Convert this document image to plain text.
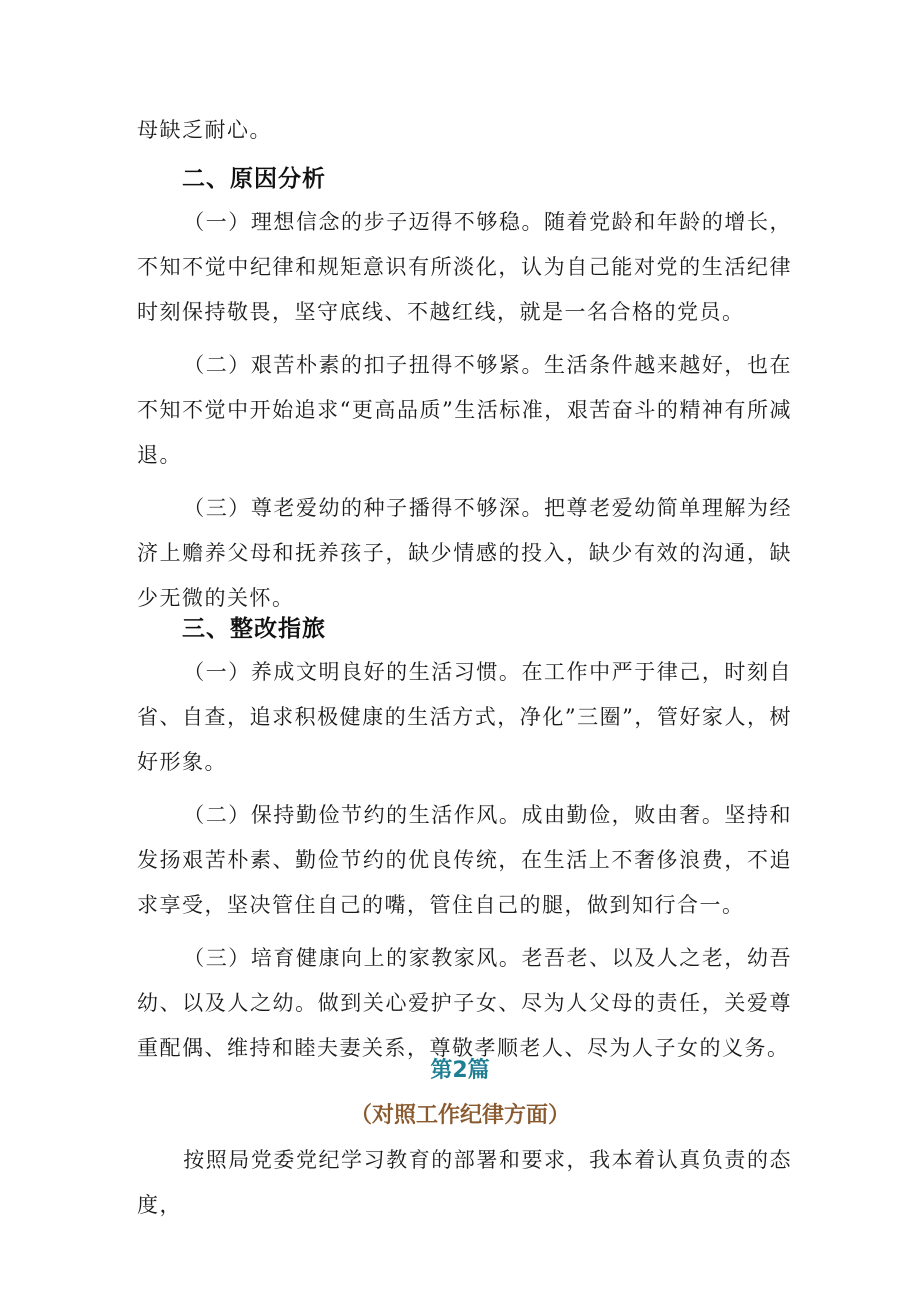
母缺乏耐心。

二、原因分析

（一）理想信念的步子迈得不够稳。随着党龄和年龄的增长，不知不觉中纪律和规矩意识有所淡化，认为自己能对党的生活纪律时刻保持敬畏，坚守底线、不越红线，就是一名合格的党员。

（二）艰苦朴素的扣子扭得不够紧。生活条件越来越好，也在不知不觉中开始追求“更高品质”生活标准，艰苦奋斗的精神有所减退。

（三）尊老爱幼的种子播得不够深。把尊老爱幼简单理解为经济上赡养父母和抚养孩子，缺少情感的投入，缺少有效的沟通，缺少无微的关怀。

三、整改指旅

（一）养成文明良好的生活习惯。在工作中严于律己，时刻自省、自查，追求积极健康的生活方式，净化”三圈”，管好家人，树好形象。

（二）保持勤俭节约的生活作风。成由勤俭，败由奢。坚持和发扬艰苦朴素、勤俭节约的优良传统，在生活上不奢侈浪费，不追求享受，坚决管住自己的嘴，管住自己的腿，做到知行合一。

（三）培育健康向上的家教家风。老吾老、以及人之老，幼吾幼、以及人之幼。做到关心爱护子女、尽为人父母的责任，关爱尊重配偶、维持和睦夫妻关系，尊敬孝顺老人、尽为人子女的义务。

第2篇
（对照工作纪律方面）

按照局党委党纪学习教育的部署和要求，我本着认真负责的态度，
